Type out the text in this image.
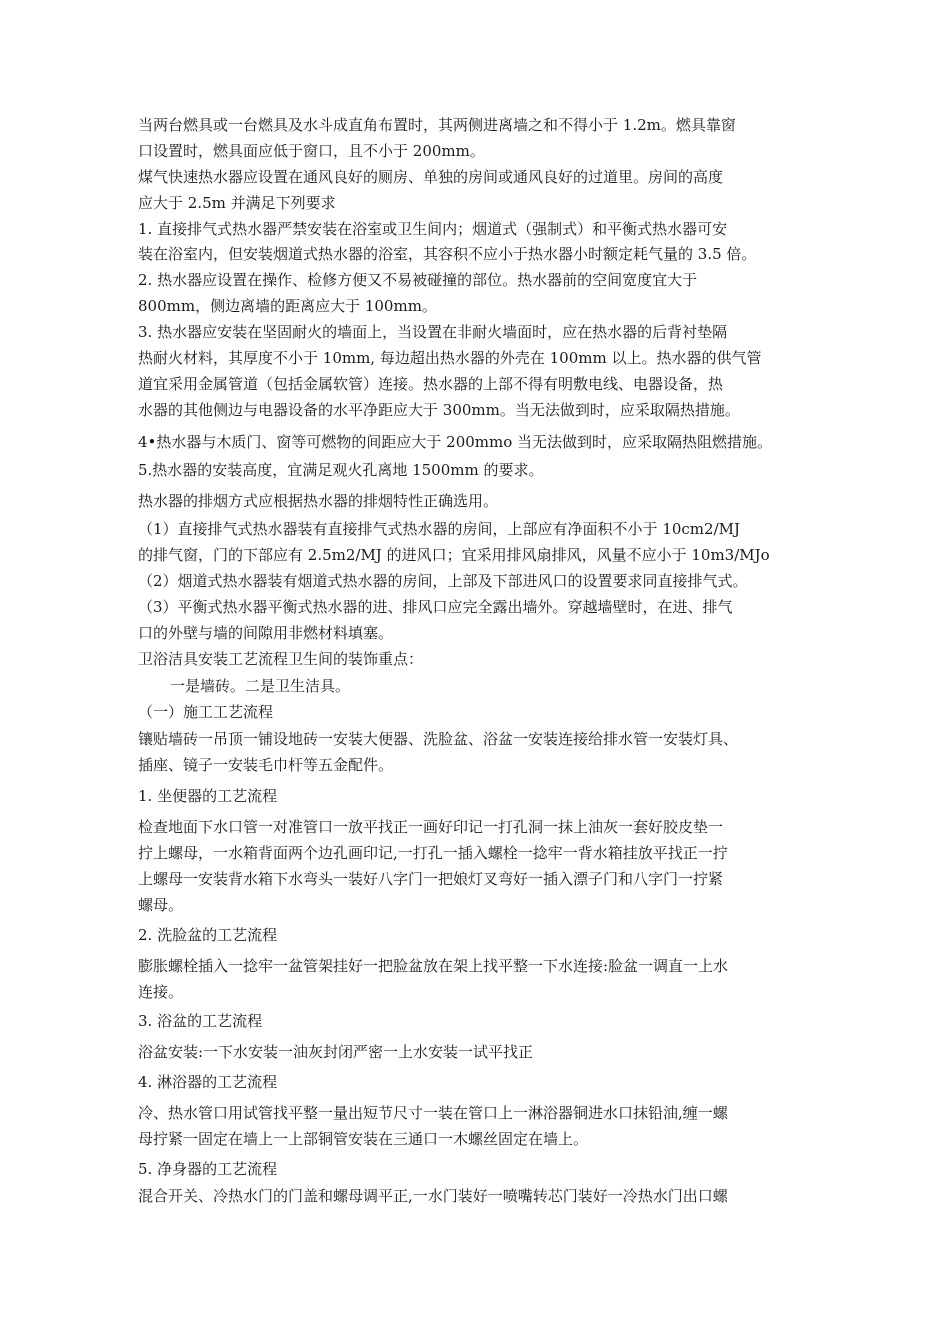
当两台燃具或一台燃具及水斗成直角布置时，其两侧进离墙之和不得小于 1.2m。燃具靠窗
口设置时，燃具面应低于窗口，且不小于 200mm。
煤气快速热水器应设置在通风良好的厕房、单独的房间或通风良好的过道里。房间的高度
应大于 2.5m 并满足下列要求
1. 直接排气式热水器严禁安装在浴室或卫生间内；烟道式（强制式）和平衡式热水器可安
装在浴室内，但安装烟道式热水器的浴室，其容积不应小于热水器小时额定耗气量的 3.5 倍。
2. 热水器应设置在操作、检修方便又不易被碰撞的部位。热水器前的空间宽度宜大于
800mm，侧边离墙的距离应大于 100mm。
3. 热水器应安装在坚固耐火的墙面上，当设置在非耐火墙面时，应在热水器的后背衬垫隔
热耐火材料，其厚度不小于 10mm, 每边超出热水器的外壳在 100mm 以上。热水器的供气管
道宜采用金属管道（包括金属软管）连接。热水器的上部不得有明敷电线、电器设备，热
水器的其他侧边与电器设备的水平净距应大于 300mm。当无法做到时，应采取隔热措施。
4•热水器与木质门、窗等可燃物的间距应大于 200mmo 当无法做到时，应采取隔热阻燃措施。
5.热水器的安装高度，宜满足观火孔离地 1500mm 的要求。
热水器的排烟方式应根据热水器的排烟特性正确选用。
（1）直接排气式热水器装有直接排气式热水器的房间，上部应有净面积不小于 10cm2/MJ
的排气窗，门的下部应有 2.5m2/MJ 的进风口；宜采用排风扇排风，风量不应小于 10m3/MJo
（2）烟道式热水器装有烟道式热水器的房间，上部及下部进风口的设置要求同直接排气式。
（3）平衡式热水器平衡式热水器的进、排风口应完全露出墙外。穿越墙壁时，在进、排气
口的外壁与墙的间隙用非燃材料填塞。
卫浴洁具安装工艺流程卫生间的装饰重点：
一是墙砖。二是卫生洁具。
（一）施工工艺流程
镶贴墙砖一吊顶一铺设地砖一安装大便器、洗脸盆、浴盆一安装连接给排水管一安装灯具、
插座、镜子一安装毛巾杆等五金配件。
1. 坐便器的工艺流程
检查地面下水口管一对准管口一放平找正一画好印记一打孔洞一抹上油灰一套好胶皮垫一
拧上螺母，一水箱背面两个边孔画印记,一打孔一插入螺栓一捻牢一背水箱挂放平找正一拧
上螺母一安装背水箱下水弯头一装好八字门一把娘灯叉弯好一插入漂子门和八字门一拧紧
螺母。
2. 洗脸盆的工艺流程
膨胀螺栓插入一捻牢一盆管架挂好一把脸盆放在架上找平整一下水连接:脸盆一调直一上水
连接。
3. 浴盆的工艺流程
浴盆安装:一下水安装一油灰封闭严密一上水安装一试平找正
4. 淋浴器的工艺流程
冷、热水管口用试管找平整一量出短节尺寸一装在管口上一淋浴器铜进水口抹铅油,缠一螺
母拧紧一固定在墙上一上部铜管安装在三通口一木螺丝固定在墙上。
5. 净身器的工艺流程
混合开关、冷热水门的门盖和螺母调平正,一水门装好一喷嘴转芯门装好一冷热水门出口螺
